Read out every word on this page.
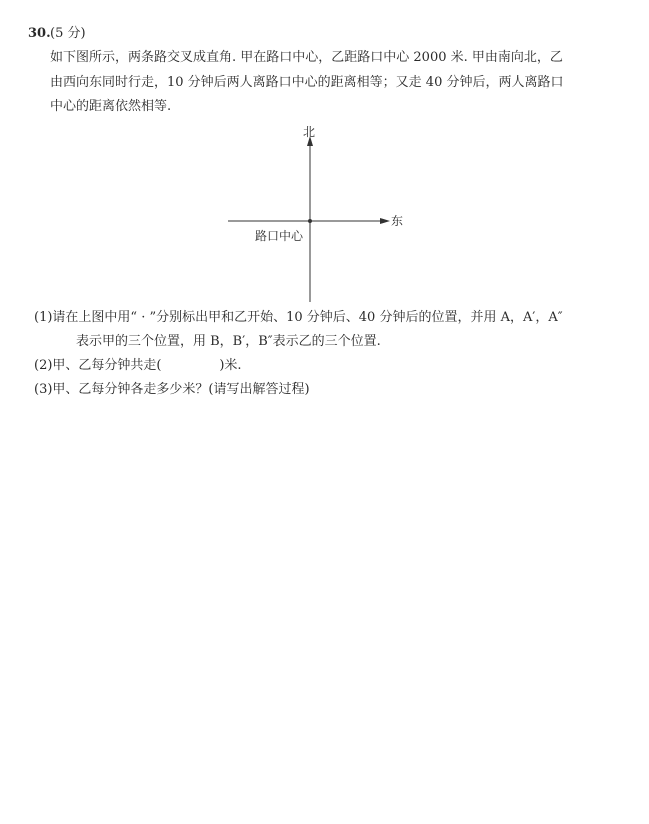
30. (5 分)
如下图所示，两条路交叉成直角. 甲在路口中心，乙距路口中心 2000 米. 甲由南向北，乙
由西向东同时行走，10 分钟后两人离路口中心的距离相等；又走 40 分钟后，两人离路口
中心的距离依然相等.
北
东
路口中心
(1)请在上图中用“ · ”分别标出甲和乙开始、10 分钟后、40 分钟后的位置，并用 A，A′，A″
表示甲的三个位置，用 B，B′，B″表示乙的三个位置.
(2)甲、乙每分钟共走(              )米.
(3)甲、乙每分钟各走多少米？(请写出解答过程)
